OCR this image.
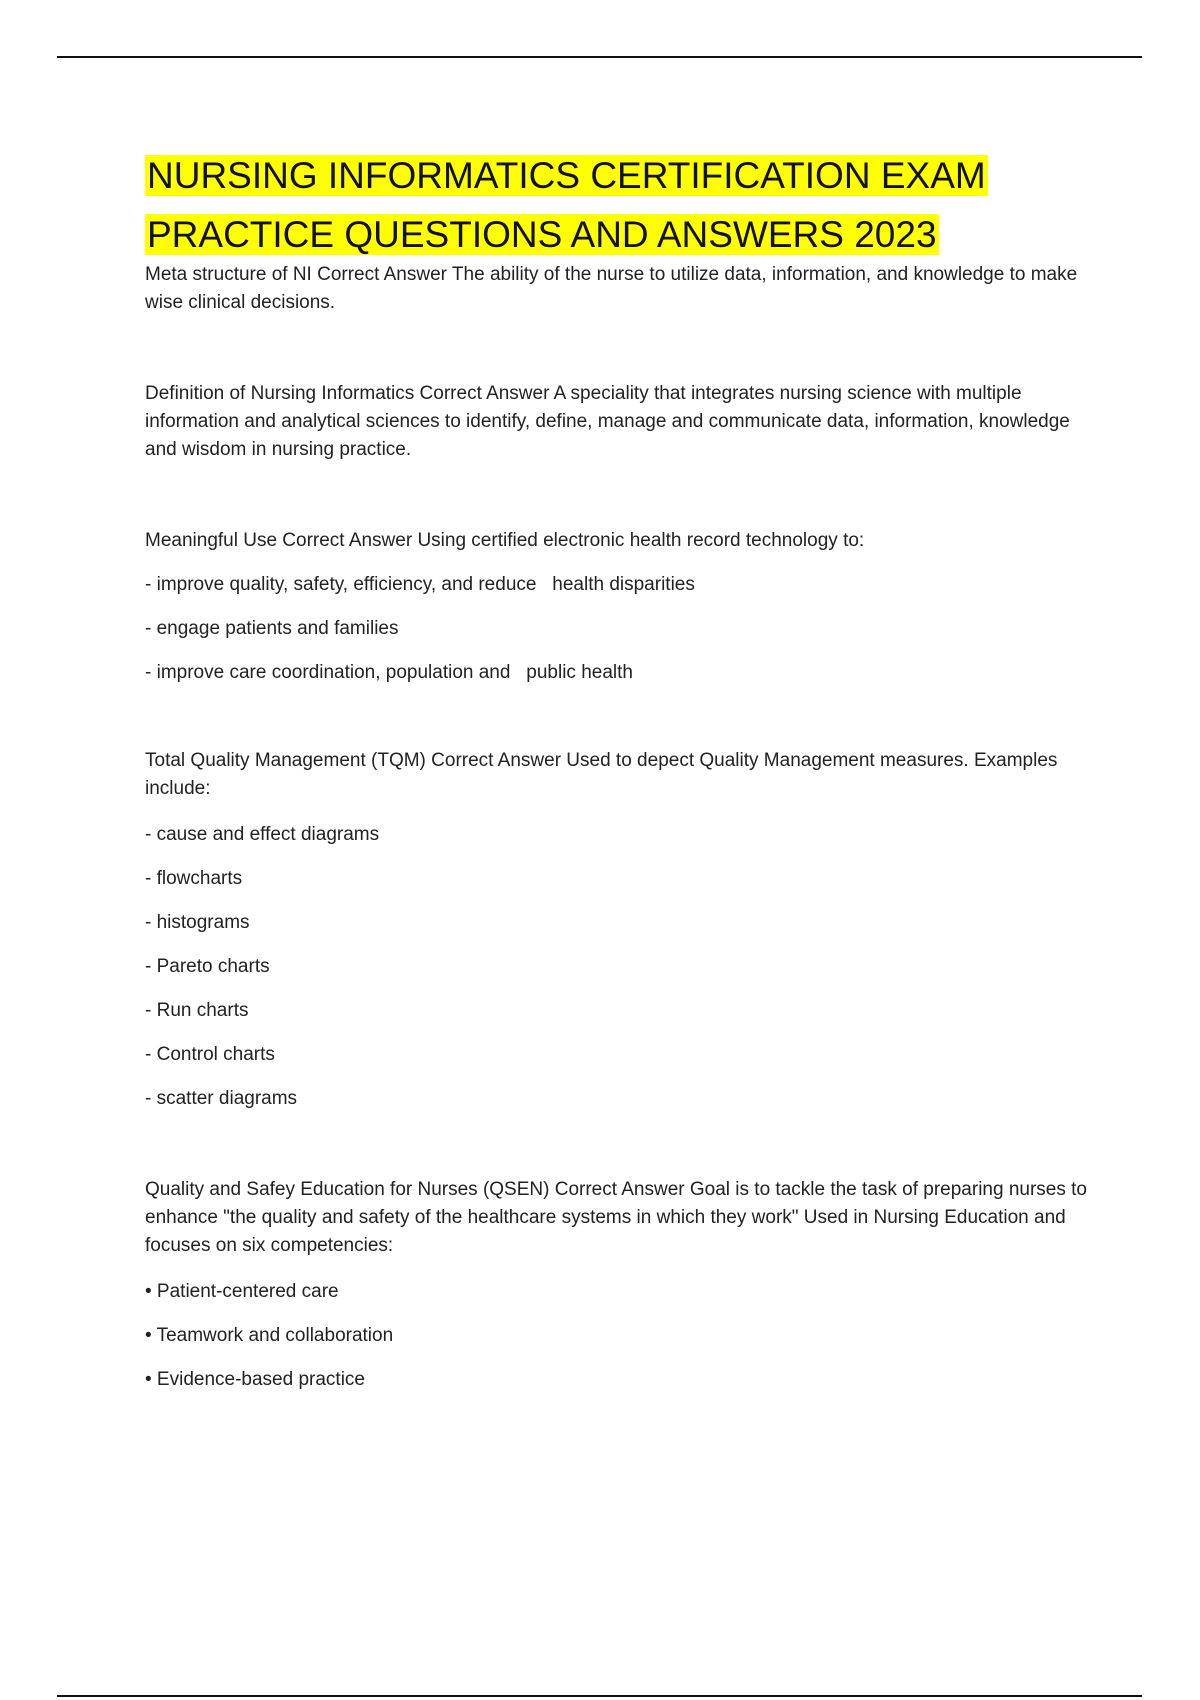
NURSING INFORMATICS CERTIFICATION EXAM PRACTICE QUESTIONS AND ANSWERS 2023

Meta structure of NI Correct Answer The ability of the nurse to utilize data, information, and knowledge to make wise clinical decisions.

Definition of Nursing Informatics Correct Answer A speciality that integrates nursing science with multiple information and analytical sciences to identify, define, manage and communicate data, information, knowledge and wisdom in nursing practice.

Meaningful Use Correct Answer Using certified electronic health record technology to:

- improve quality, safety, efficiency, and reduce   health disparities

- engage patients and families

- improve care coordination, population and   public health

Total Quality Management (TQM) Correct Answer Used to depect Quality Management measures. Examples include:

- cause and effect diagrams

- flowcharts

- histograms

- Pareto charts

- Run charts

- Control charts

- scatter diagrams

Quality and Safey Education for Nurses (QSEN) Correct Answer Goal is to tackle the task of preparing nurses to enhance "the quality and safety of the healthcare systems in which they work" Used in Nursing Education and focuses on six competencies:

• Patient-centered care

• Teamwork and collaboration

• Evidence-based practice
